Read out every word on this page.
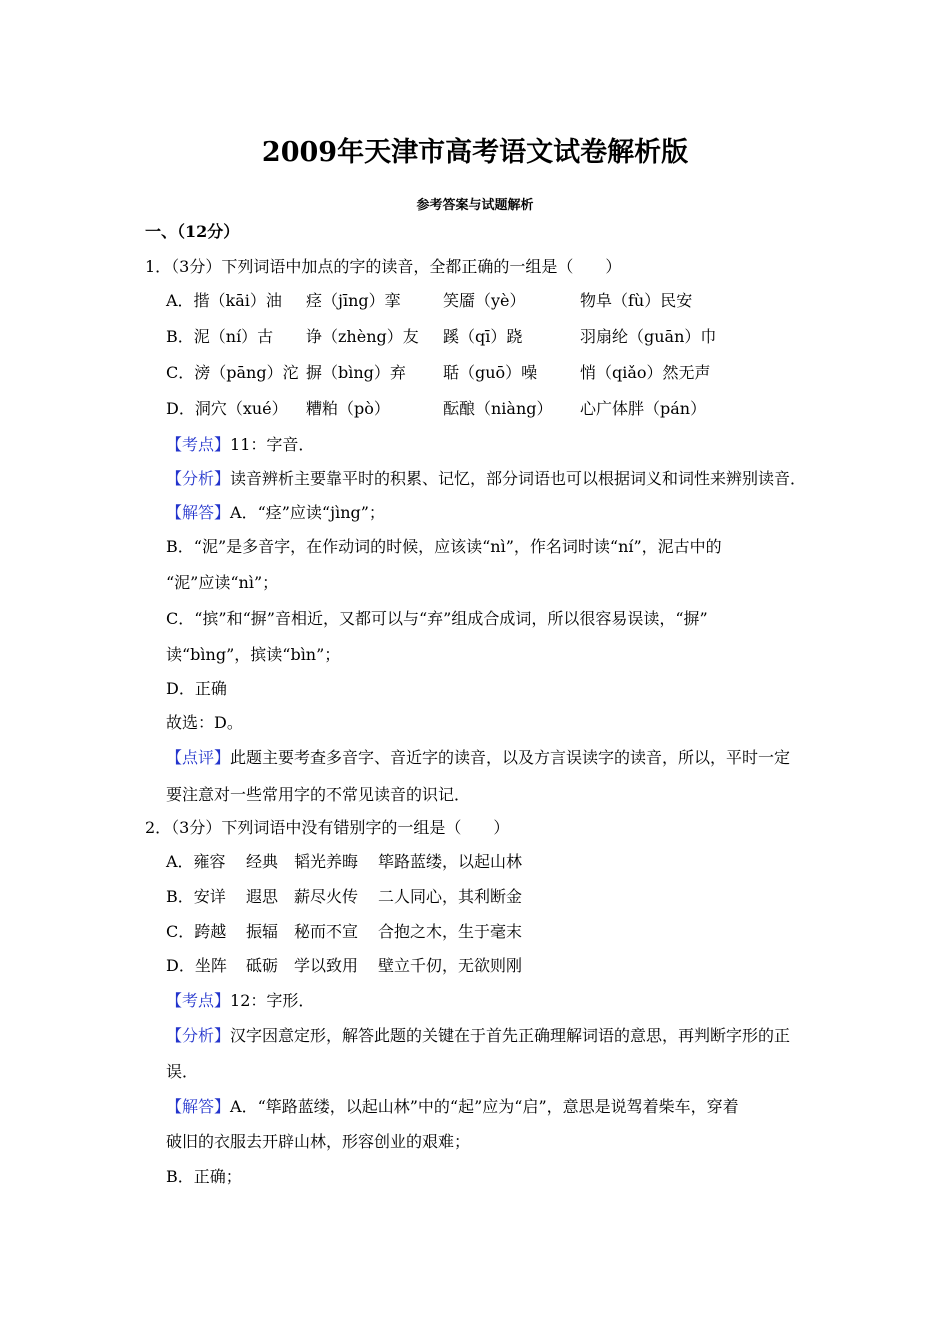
2009年天津市高考语文试卷解析版
参考答案与试题解析
一、（12分）
1．（3分）下列词语中加点的字的读音，全都正确的一组是（　　）
A．揩（kāi）油 痉（jīng）挛	笑靥（yè）	物阜（fù）民安
B．泥（ní）古 诤（zhèng）友 蹊（qī）跷	羽扇纶（guān）巾
C．滂（pāng）沱 摒（bìng）弃 聒（guō）噪	悄（qiǎo）然无声
D．洞穴（xué） 糟粕（pò）	酝酿（niàng） 心广体胖（pán）
【考点】11：字音．
【分析】读音辨析主要靠平时的积累、记忆，部分词语也可以根据词义和词性来辨别读音．
【解答】A．“痉”应读“jìng”；
B．“泥”是多音字，在作动词的时候，应该读“nì”，作名词时读“ní”，泥古中的
“泥”应读“nì”；
C．“摈”和“摒”音相近，又都可以与“弃”组成合成词，所以很容易误读，“摒”
读“bìng”，摈读“bìn”；
D．正确
故选：D。
【点评】此题主要考查多音字、音近字的读音，以及方言误读字的读音，所以，平时一定
要注意对一些常用字的不常见读音的识记．
2．（3分）下列词语中没有错别字的一组是（　　）
A．雍容 经典 韬光养晦 筚路蓝缕，以起山林
B．安详 遐思 薪尽火传 二人同心，其利断金
C．跨越 振辐 秘而不宣 合抱之木，生于毫末
D．坐阵 砥砺 学以致用 壁立千仞，无欲则刚
【考点】12：字形．
【分析】汉字因意定形，解答此题的关键在于首先正确理解词语的意思，再判断字形的正
误．
【解答】A．“筚路蓝缕，以起山林”中的“起”应为“启”，意思是说驾着柴车，穿着
破旧的衣服去开辟山林，形容创业的艰难；
B．正确；
